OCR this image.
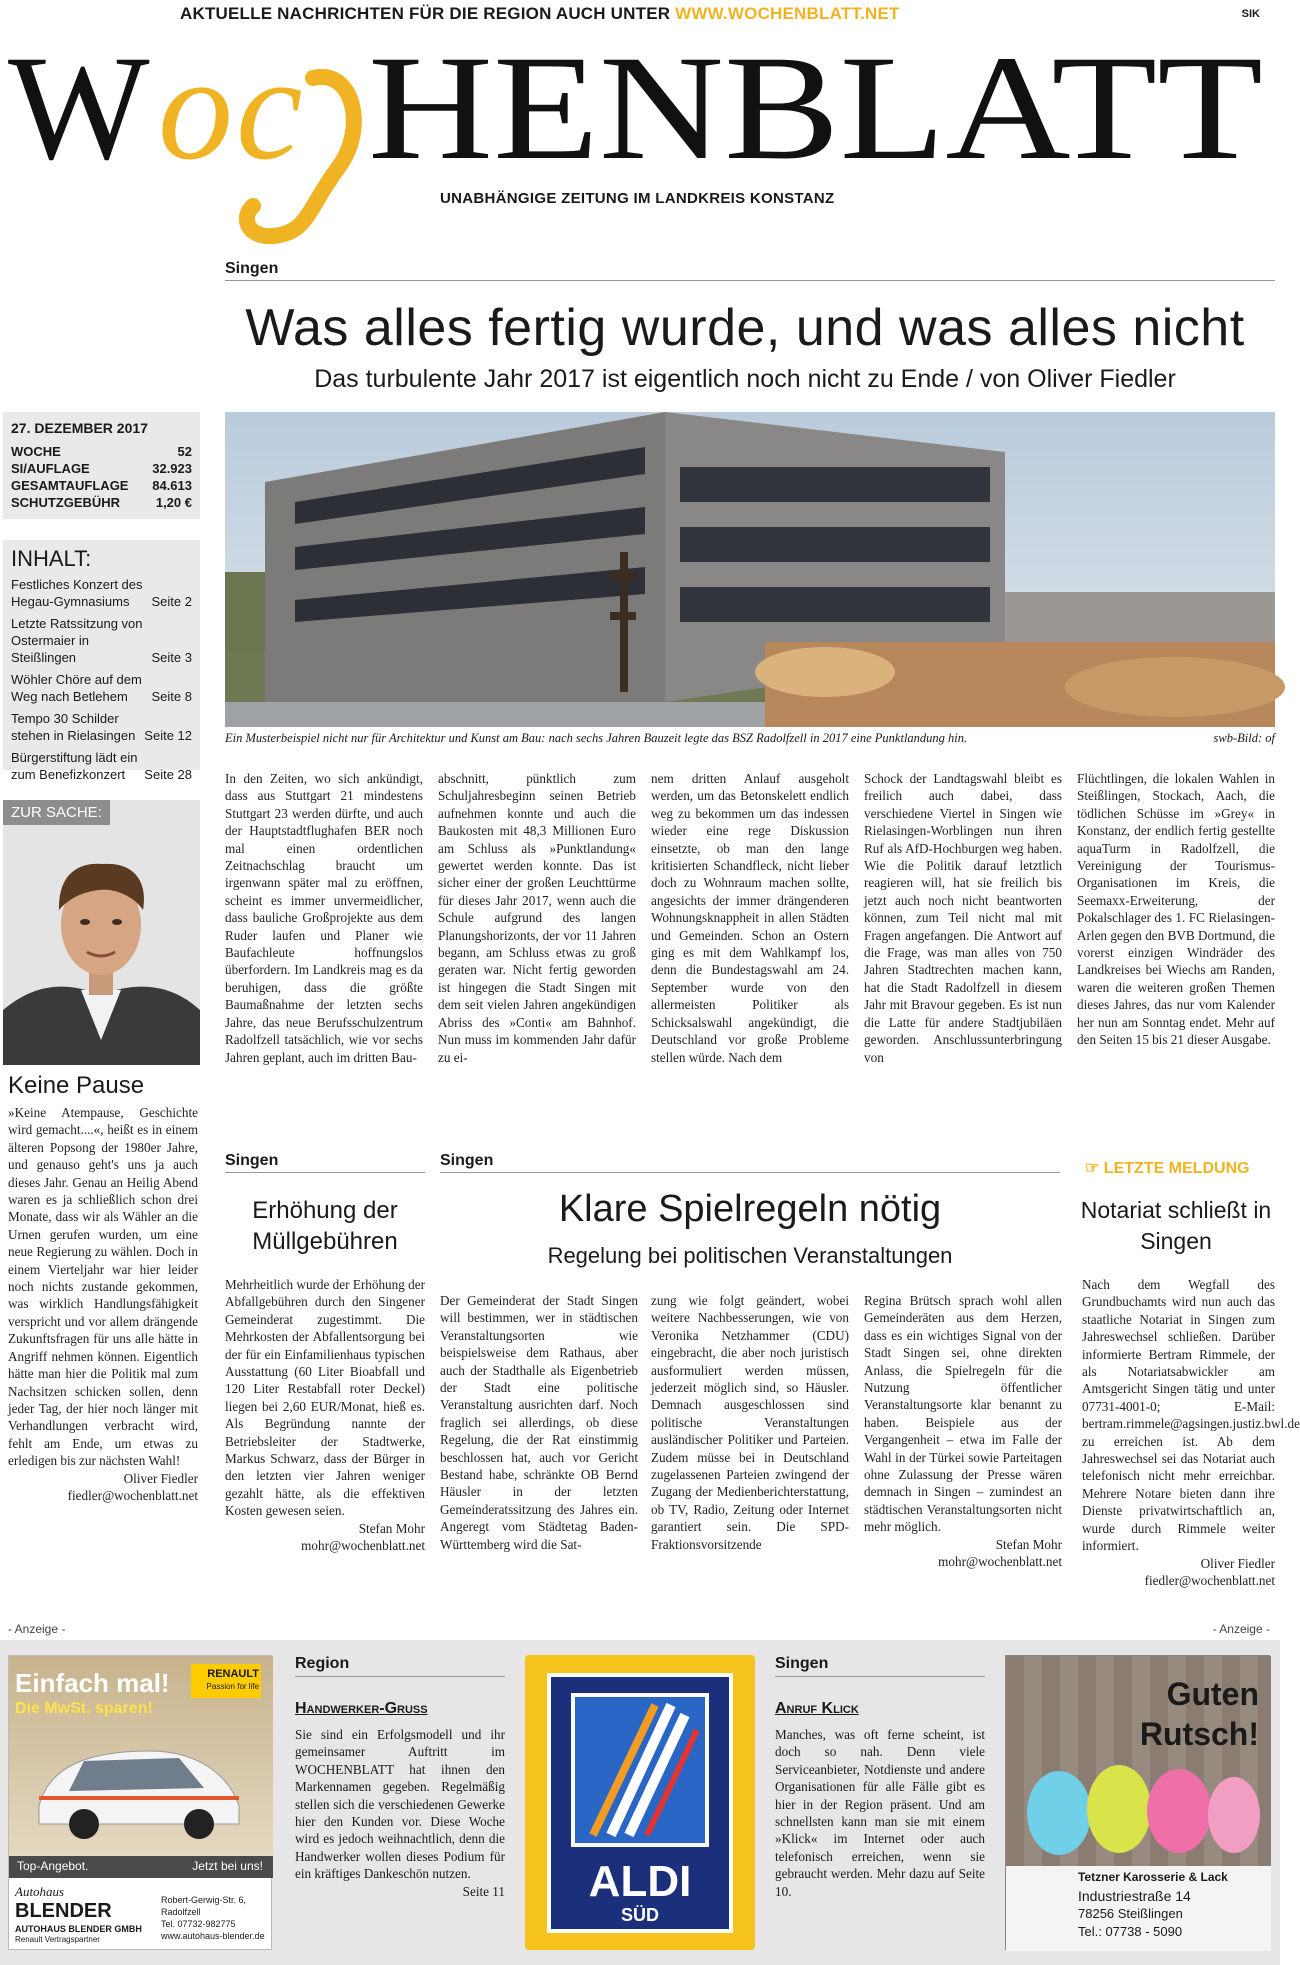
AKTUELLE NACHRICHTEN FÜR DIE REGION AUCH UNTER WWW.WOCHENBLATT.NET	SIK
W o c HENBLATT
UNABHÄNGIGE ZEITUNG IM LANDKREIS KONSTANZ
Singen
Was alles fertig wurde, und was alles nicht
Das turbulente Jahr 2017 ist eigentlich noch nicht zu Ende / von Oliver Fiedler
27. DEZEMBER 2017
WOCHE	52
SI/AUFLAGE	32.923
GESAMTAUFLAGE 84.613
SCHUTZGEBÜHR	1,20 €
INHALT:
Festliches Konzert des Hegau-Gymnasiums	Seite 2
Letzte Ratssitzung von Ostermaier in Steißlingen	Seite 3
Wöhler Chöre auf dem Weg nach Betlehem	Seite 8
Tempo 30 Schilder stehen in Rielasingen Seite 12
Bürgerstiftung lädt ein zum Benefizkonzert	Seite 28
ZUR SACHE:
Keine Pause

»Keine Atempause, Geschichte wird gemacht....«, heißt es in einem älteren Popsong der 1980er Jahre, und genauso geht's uns ja auch dieses Jahr. Genau an Heilig Abend waren es ja schließlich schon drei Monate, dass wir als Wähler an die Urnen gerufen wurden, um eine neue Regierung zu wählen. Doch in einem Vierteljahr war hier leider noch nichts zustande gekommen, was wirklich Handlungsfähigkeit verspricht und vor allem drängende Zukunftsfragen für uns alle hätte in Angriff nehmen können. Eigentlich hätte man hier die Politik mal zum Nachsitzen schicken sollen, denn jeder Tag, der hier noch länger mit Verhandlungen verbracht wird, fehlt am Ende, um etwas zu erledigen bis zur nächsten Wahl!

Oliver Fiedler

fiedler@wochenblatt.net

Ein Musterbeispiel nicht nur für Architektur und Kunst am Bau: nach sechs Jahren Bauzeit legte das BSZ Radolfzell in 2017 eine Punktlandung hin.	swb-Bild: of
In den Zeiten, wo sich ankündigt, dass aus Stuttgart 21 mindestens Stuttgart 23 werden dürfte, und auch der Hauptstadtflughafen BER noch mal einen ordentlichen Zeitnachschlag braucht um irgenwann später mal zu eröffnen, scheint es immer unvermeidlicher, dass bauliche Großprojekte aus dem Ruder laufen und Planer wie Baufachleute hoffnungslos überfordern. Im Landkreis mag es da beruhigen, dass die größte Baumaßnahme der letzten sechs Jahre, das neue Berufsschulzentrum Radolfzell tatsächlich, wie vor sechs Jahren geplant, auch im dritten Bau-
abschnitt, pünktlich zum Schuljahresbeginn seinen Betrieb aufnehmen konnte und auch die Baukosten mit 48,3 Millionen Euro am Schluss als »Punktlandung« gewertet werden konnte. Das ist sicher einer der großen Leuchttürme für dieses Jahr 2017, wenn auch die Schule aufgrund des langen Planungshorizonts, der vor 11 Jahren begann, am Schluss etwas zu groß geraten war. Nicht fertig geworden ist hingegen die Stadt Singen mit dem seit vielen Jahren angekündigen Abriss des »Conti« am Bahnhof. Nun muss im kommenden Jahr dafür zu ei-
nem dritten Anlauf ausgeholt werden, um das Betonskelett endlich weg zu bekommen um das indessen wieder eine rege Diskussion einsetzte, ob man den lange kritisierten Schandfleck, nicht lieber doch zu Wohnraum machen sollte, angesichts der immer drängenderen Wohnungsknappheit in allen Städten und Gemeinden. Schon an Ostern ging es mit dem Wahlkampf los, denn die Bundestagswahl am 24. September wurde von den allermeisten Politiker als Schicksalswahl angekündigt, die Deutschland vor große Probleme stellen würde. Nach dem
Schock der Landtagswahl bleibt es freilich auch dabei, dass verschiedene Viertel in Singen wie Rielasingen-Worblingen nun ihren Ruf als AfD-Hochburgen weg haben. Wie die Politik darauf letztlich reagieren will, hat sie freilich bis jetzt auch noch nicht beantworten können, zum Teil nicht mal mit Fragen angefangen. Die Antwort auf die Frage, was man alles von 750 Jahren Stadtrechten machen kann, hat die Stadt Radolfzell in diesem Jahr mit Bravour gegeben. Es ist nun die Latte für andere Stadtjubiläen geworden. Anschlussunterbringung von
Flüchtlingen, die lokalen Wahlen in Steißlingen, Stockach, Aach, die tödlichen Schüsse im »Grey« in Konstanz, der endlich fertig gestellte aquaTurm in Radolfzell, die Vereinigung der Tourismus-Organisationen im Kreis, die Seemaxx-Erweiterung, der Pokalschlager des 1. FC Rielasingen-Arlen gegen den BVB Dortmund, die vorerst einzigen Windräder des Landkreises bei Wiechs am Randen, waren die weiteren großen Themen dieses Jahres, das nur vom Kalender her nun am Sonntag endet. Mehr auf den Seiten 15 bis 21 dieser Ausgabe.
Singen	Singen	☞ LETZTE MELDUNG
Erhöhung der Müllgebühren

Mehrheitlich wurde der Erhöhung der Abfallgebühren durch den Singener Gemeinderat zugestimmt. Die Mehrkosten der Abfallentsorgung bei der für ein Einfamilienhaus typischen Ausstattung (60 Liter Bioabfall und 120 Liter Restabfall roter Deckel) liegen bei 2,60 EUR/Monat, hieß es. Als Begründung nannte der Betriebsleiter der Stadtwerke, Markus Schwarz, dass der Bürger in den letzten vier Jahren weniger gezahlt hätte, als die effektiven Kosten gewesen seien.

Stefan Mohr

mohr@wochenblatt.net

Klare Spielregeln nötig
Regelung bei politischen Veranstaltungen
Der Gemeinderat der Stadt Singen will bestimmen, wer in städtischen Veranstaltungsorten wie beispielsweise dem Rathaus, aber auch der Stadthalle als Eigenbetrieb der Stadt eine politische Veranstaltung ausrichten darf. Noch fraglich sei allerdings, ob diese Regelung, die der Rat einstimmig beschlossen hat, auch vor Gericht Bestand habe, schränkte OB Bernd Häusler in der letzten Gemeinderatssitzung des Jahres ein. Angeregt vom Städtetag Baden-Württemberg wird die Sat-
zung wie folgt geändert, wobei weitere Nachbesserungen, wie von Veronika Netzhammer (CDU) eingebracht, die aber noch juristisch ausformuliert werden müssen, jederzeit möglich sind, so Häusler. Demnach ausgeschlossen sind politische Veranstaltungen ausländischer Politiker und Parteien. Zudem müsse bei in Deutschland zugelassenen Parteien zwingend der Zugang der Medienberichterstattung, ob TV, Radio, Zeitung oder Internet garantiert sein. Die SPD-Fraktionsvorsitzende

Regina Brütsch sprach wohl allen Gemeinderäten aus dem Herzen, dass es ein wichtiges Signal von der Stadt Singen sei, ohne direkten Anlass, die Spielregeln für die Nutzung öffentlicher Veranstaltungsorte klar benannt zu haben. Beispiele aus der Vergangenheit – etwa im Falle der Wahl in der Türkei sowie Parteitagen ohne Zulassung der Presse wären demnach in Singen – zumindest an städtischen Veranstaltungsorten nicht mehr möglich.

Stefan Mohr

mohr@wochenblatt.net

Notariat schließt in Singen

Nach dem Wegfall des Grundbuchamts wird nun auch das staatliche Notariat in Singen zum Jahreswechsel schließen. Darüber informierte Bertram Rimmele, der als Notariatsabwickler am Amtsgericht Singen tätig und unter 07731-4001-0; E-Mail: bertram.rimmele@agsingen.justiz.bwl.de zu erreichen ist. Ab dem Jahreswechsel sei das Notariat auch telefonisch nicht mehr erreichbar. Mehrere Notare bieten dann ihre Dienste privatwirtschaftlich an, wurde durch Rimmele weiter informiert.

Oliver Fiedler

fiedler@wochenblatt.net

- Anzeige -	- Anzeige -
Einfach mal!
Die MwSt. sparen!
RENAULT
Passion for life
Top-Angebot.	Jetzt bei uns!
Autohaus
BLENDER
AUTOHAUS BLENDER GMBH
Renault Vertragspartner
Robert-Gerwig-Str. 6,
Radolfzell
Tel. 07732-982775
www.autohaus-blender.de
Region
Handwerker-Gruss

Sie sind ein Erfolgsmodell und ihr gemeinsamer Auftritt im WOCHENBLATT hat ihnen den Markennamen gegeben. Regelmäßig stellen sich die verschiedenen Gewerke hier den Kunden vor. Diese Woche wird es jedoch weihnachtlich, denn die Handwerker wollen dieses Podium für ein kräftiges Dankeschön nutzen.

Seite 11	ALDI
SÜD
Singen
Anruf Klick
Manches, was oft ferne scheint, ist doch so nah. Denn viele Serviceanbieter, Notdienste und andere Organisationen für alle Fälle gibt es hier in der Region präsent. Und am schnellsten kann man sie mit einem »Klick« im Internet oder auch telefonisch erreichen, wenn sie gebraucht werden. Mehr dazu auf Seite 10.
Guten
Rutsch!
Tetzner Karosserie & Lack
Industriestraße 14
78256 Steißlingen
Tel.: 07738 - 5090
